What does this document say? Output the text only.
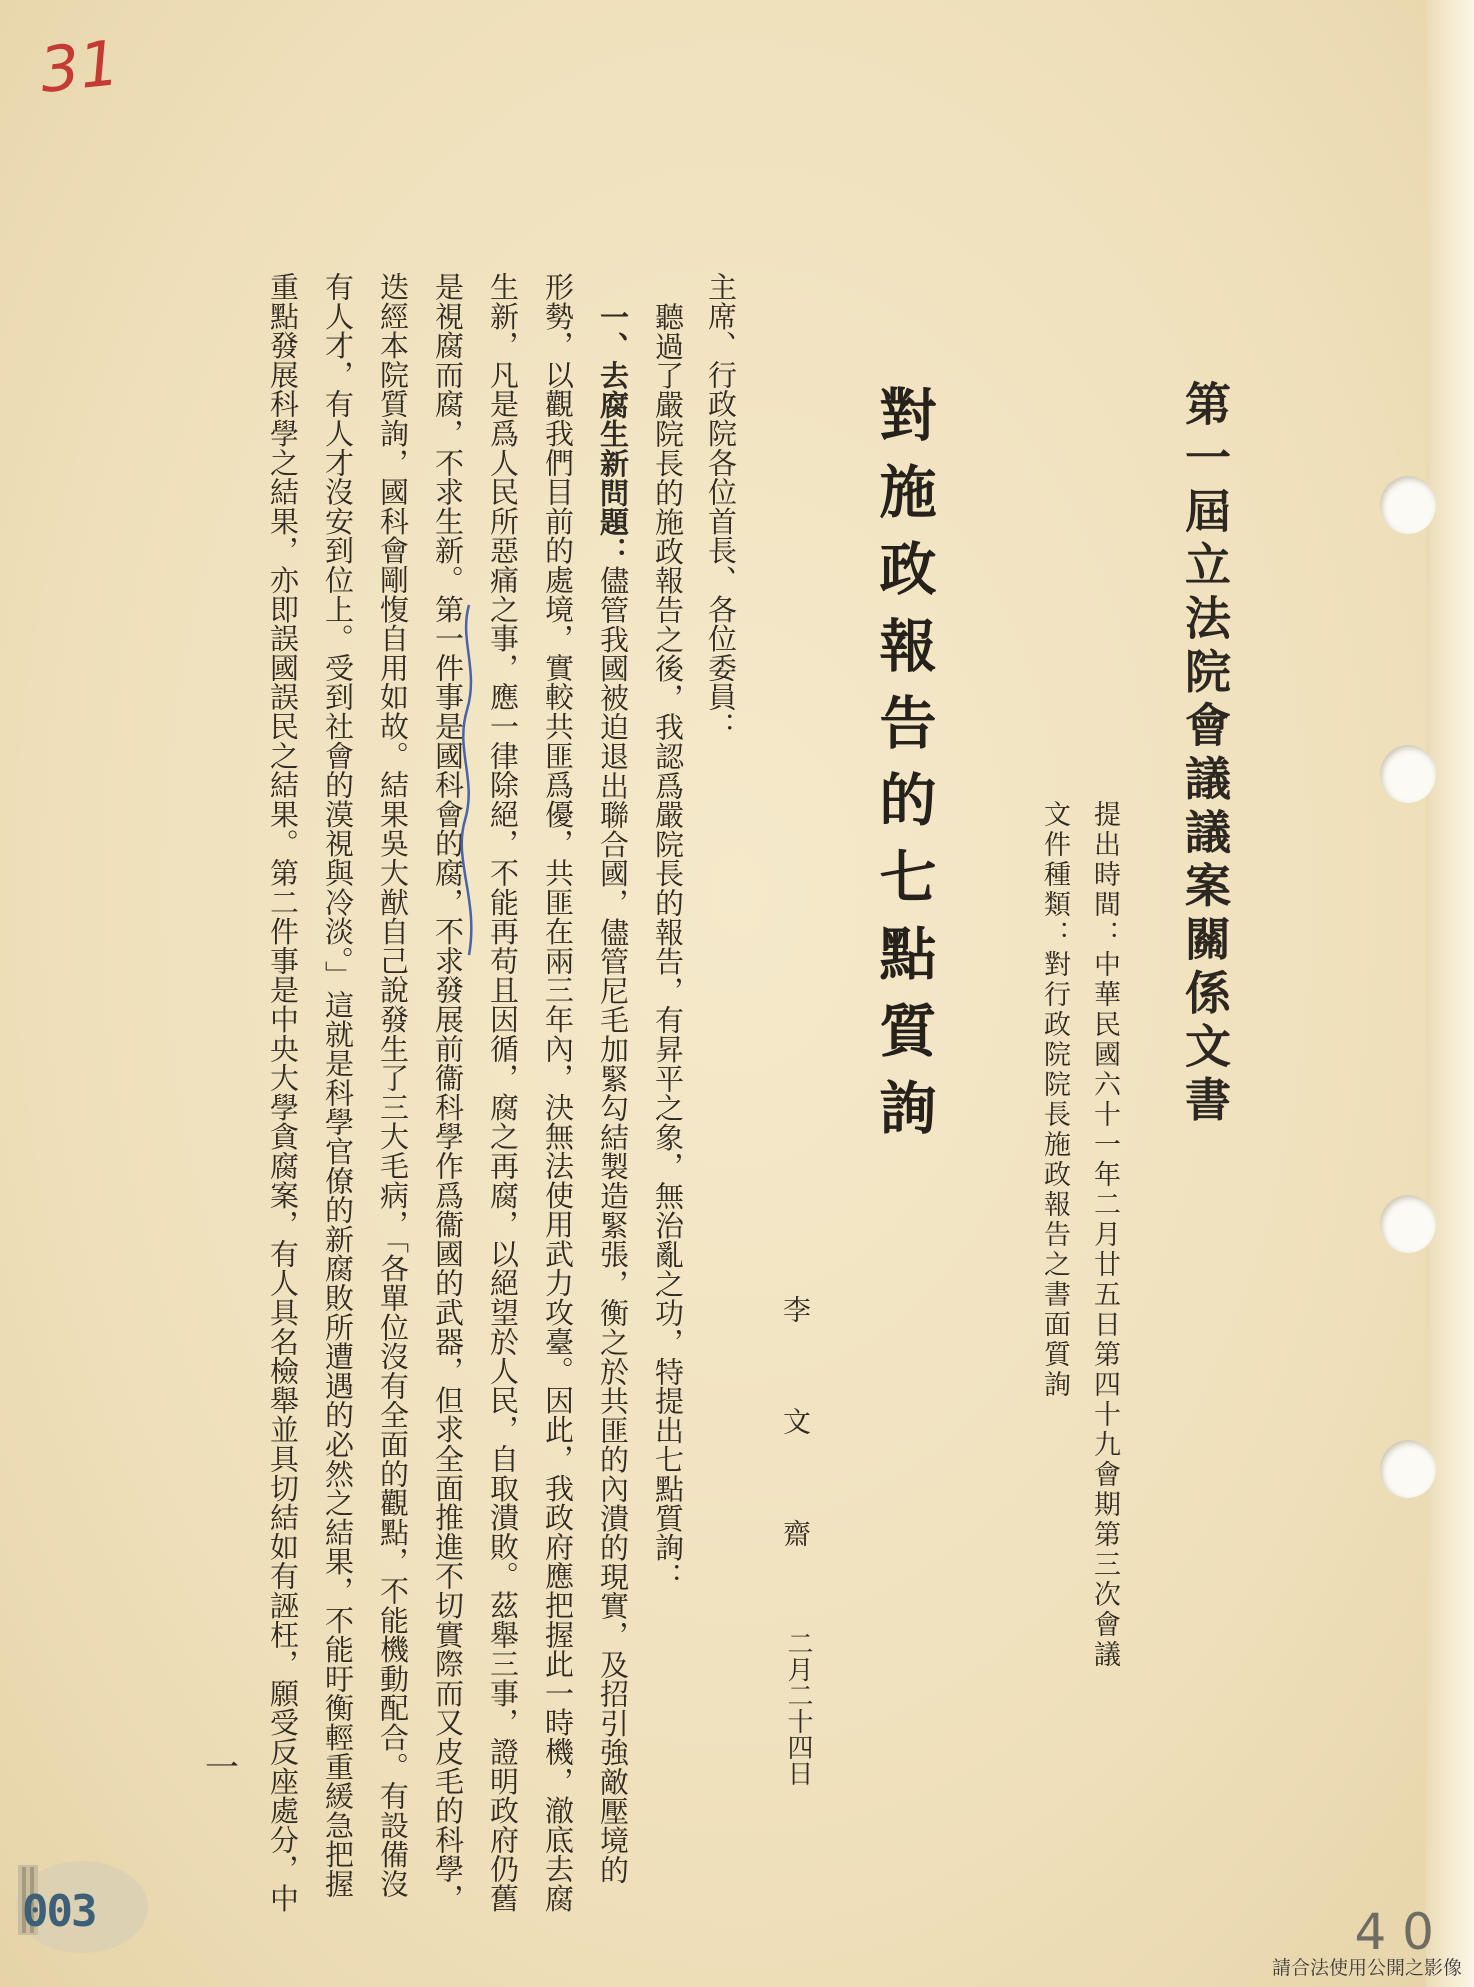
31
第一屆立法院會議議案關係文書

提出時間：中華民國六十一年二月廿五日第四十九會期第三次會議

文件種類：對行政院院長施政報告之書面質詢

對施政報告的七點質詢

李　　　文　　　齋

二月二十四日

主席、行政院各位首長、各位委員：

聽過了嚴院長的施政報告之後，我認爲嚴院長的報告，有昇平之象，無治亂之功，特提出七點質詢：

一、去腐生新問題：儘管我國被迫退出聯合國，儘管尼毛加緊勾結製造緊張，衡之於共匪的內潰的現實，及招引強敵壓境的

形勢，以觀我們目前的處境，實較共匪爲優，共匪在兩三年內，決無法使用武力攻臺。因此，我政府應把握此一時機，澈底去腐

生新，凡是爲人民所惡痛之事，應一律除絕，不能再苟且因循，腐之再腐，以絕望於人民，自取潰敗。茲舉三事，證明政府仍舊

是視腐而腐，不求生新。第一件事是國科會的腐，不求發展前衞科學作爲衞國的武器，但求全面推進不切實際而又皮毛的科學，

迭經本院質詢，國科會剛愎自用如故。結果吳大猷自己說發生了三大毛病，「各單位沒有全面的觀點，不能機動配合。有設備沒

有人才，有人才沒安到位上。受到社會的漠視與冷淡。」這就是科學官僚的新腐敗所遭遇的必然之結果，不能旴衡輕重緩急把握

重點發展科學之結果，亦即誤國誤民之結果。第二件事是中央大學貪腐案，有人具名檢舉並具切結如有誣枉，願受反座處分，中

一
003	4 0
請合法使用公開之影像
